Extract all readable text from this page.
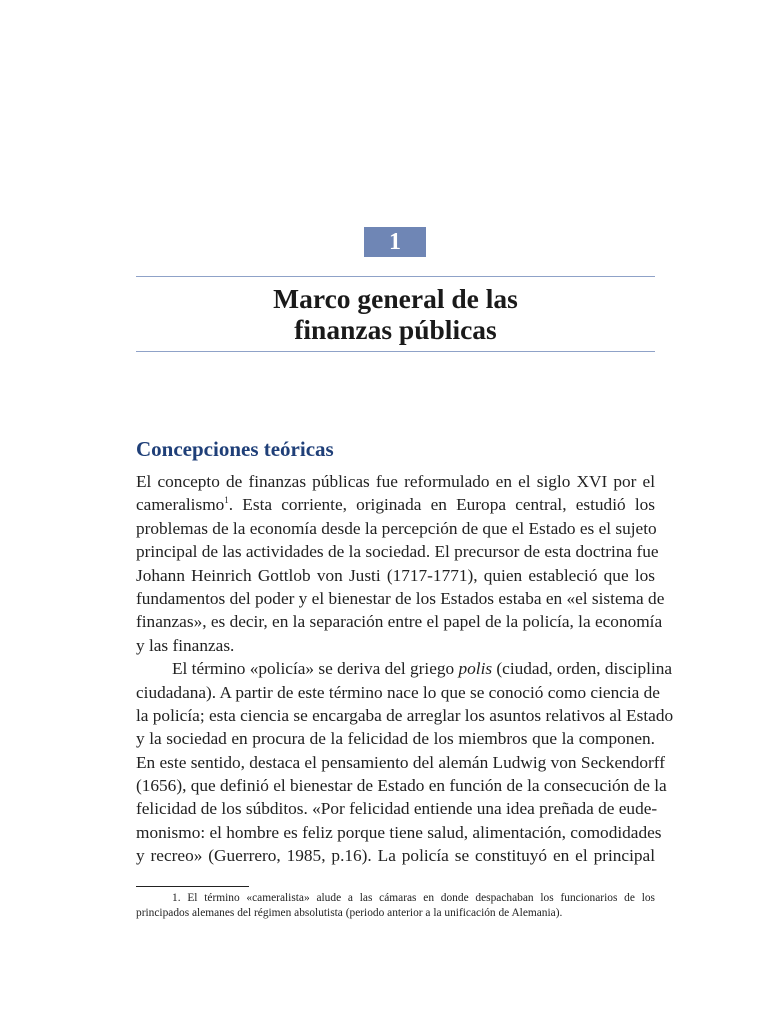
1
Marco general de las
finanzas públicas
Concepciones teóricas
El concepto de finanzas públicas fue reformulado en el siglo XVI por el
cameralismo$^1$. Esta corriente, originada en Europa central, estudió los
problemas de la economía desde la percepción de que el Estado es el sujeto
principal de las actividades de la sociedad. El precursor de esta doctrina fue
Johann Heinrich Gottlob von Justi (1717-1771), quien estableció que los
fundamentos del poder y el bienestar de los Estados estaba en «el sistema de
finanzas», es decir, en la separación entre el papel de la policía, la economía
y las finanzas.
El término «policía» se deriva del griego polis (ciudad, orden, disciplina
ciudadana). A partir de este término nace lo que se conoció como ciencia de
la policía; esta ciencia se encargaba de arreglar los asuntos relativos al Estado
y la sociedad en procura de la felicidad de los miembros que la componen.
En este sentido, destaca el pensamiento del alemán Ludwig von Seckendorff
(1656), que definió el bienestar de Estado en función de la consecución de la
felicidad de los súbditos. «Por felicidad entiende una idea preñada de eude-
monismo: el hombre es feliz porque tiene salud, alimentación, comodidades
y recreo» (Guerrero, 1985, p.16). La policía se constituyó en el principal
1. El término «cameralista» alude a las cámaras en donde despachaban los funcionarios de los
principados alemanes del régimen absolutista (periodo anterior a la unificación de Alemania).
